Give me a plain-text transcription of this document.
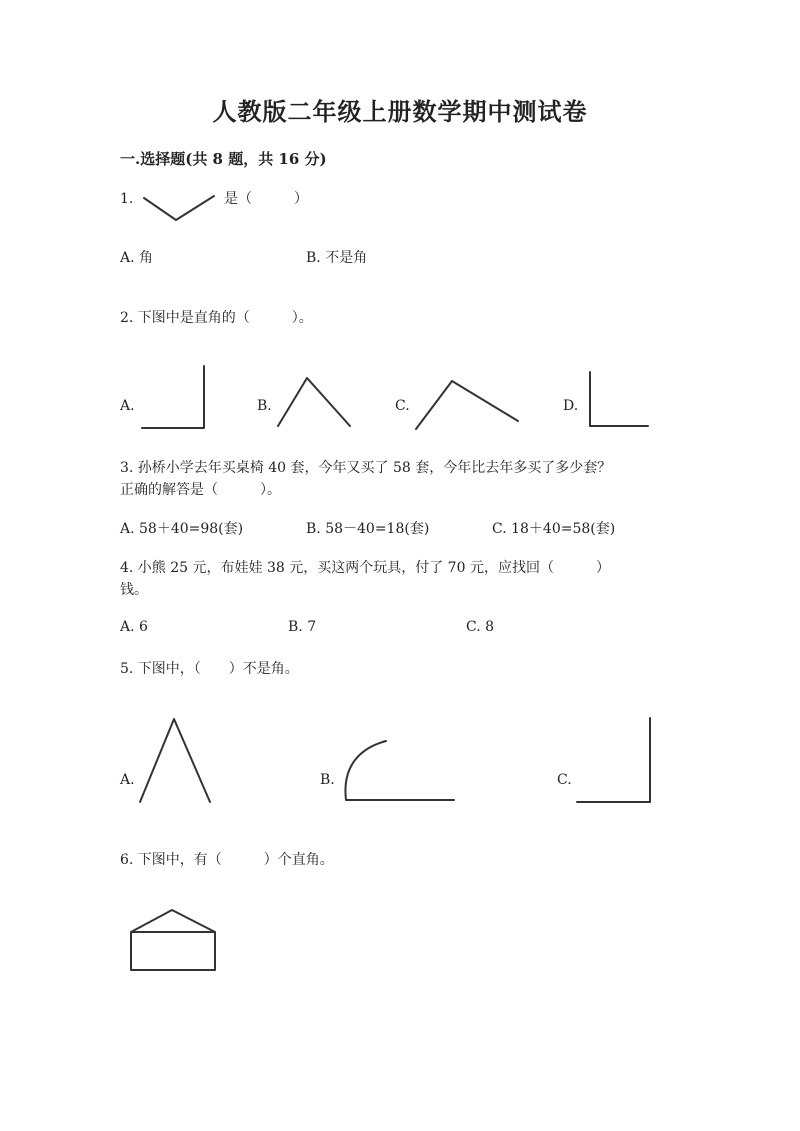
人教版二年级上册数学期中测试卷
一.选择题(共 8 题，共 16 分)
1.	是（　　　）
A. 角	B. 不是角
2. 下图中是直角的（　　　）。
A.	B.	C.	D.
3. 孙桥小学去年买桌椅 40 套，今年又买了 58 套，今年比去年多买了多少套？
正确的解答是（　　　）。
A. 58＋40=98(套)	B. 58－40=18(套)	C. 18＋40=58(套)
4. 小熊 25 元，布娃娃 38 元，买这两个玩具，付了 70 元，应找回（　　　）
钱。
A. 6	B. 7	C. 8
5. 下图中，（　　）不是角。
A.	B.	C.
6. 下图中，有（　　　）个直角。
